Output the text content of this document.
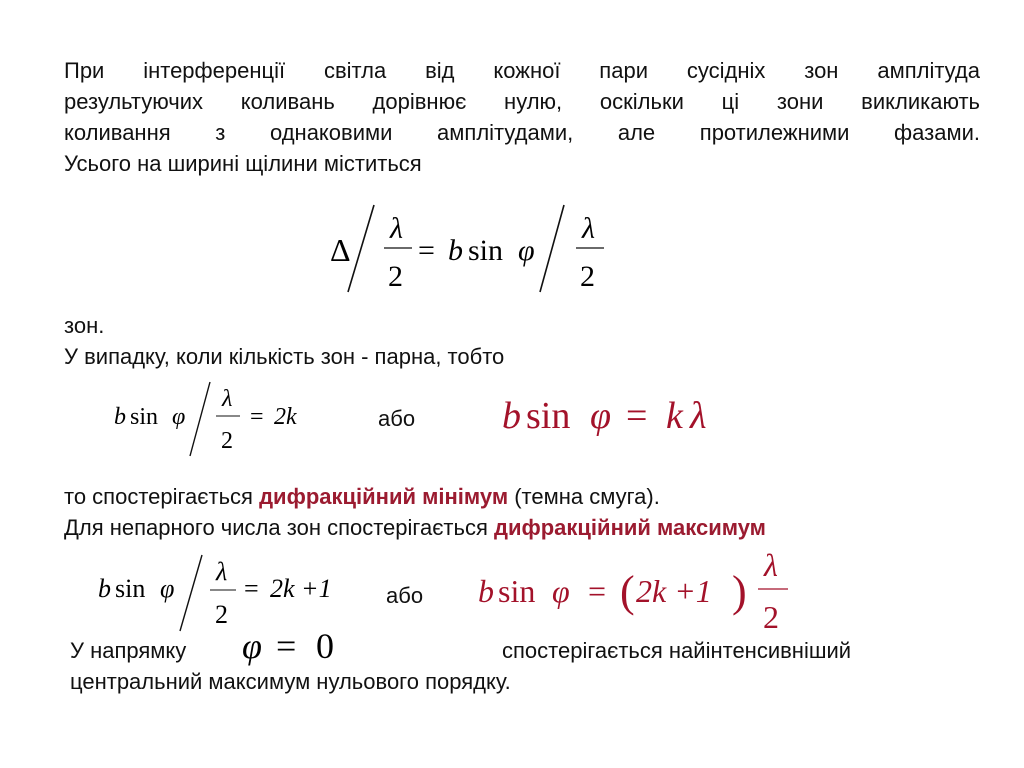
При інтерференції світла від кожної пари сусідніх зон амплітуда
результуючих коливань дорівнює нулю, оскільки ці зони викликають
коливання з однаковими амплітудами, але протилежними фазами.
Усього на ширині щілини міститься
Δ
λ
2
= b sin φ
λ
2
зон.
У випадку, коли кількість зон - парна, тобто
b sin φ
λ
2
= 2k	або b sin φ = k λ
то спостерігається дифракційний мінімум (темна смуга).
Для непарного числа зон спостерігається дифракційний максимум
b sin φ
λ
2
= 2k +1 або b sin φ = ( 2k +1 )
λ
2
У напрямку φ = 0	спостерігається найінтенсивніший
центральний максимум нульового порядку.
